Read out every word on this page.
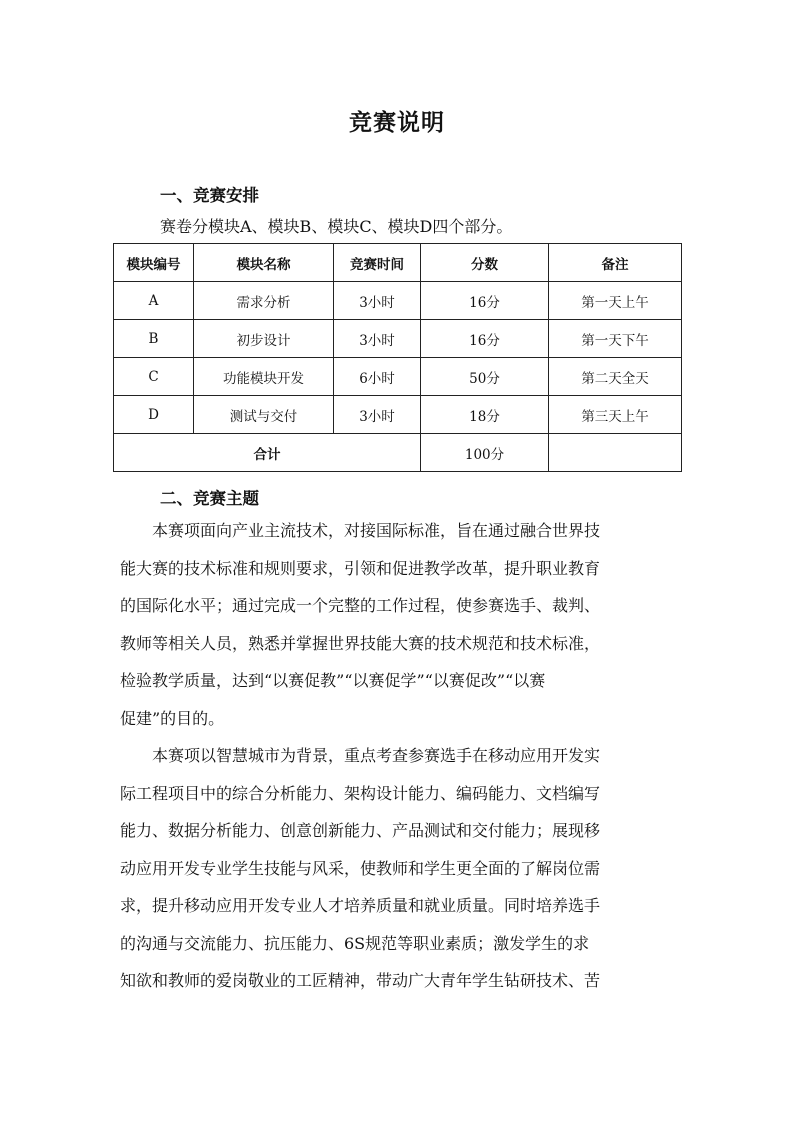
竞赛说明
一、竞赛安排
赛卷分模块A、模块B、模块C、模块D四个部分。
模块编号	模块名称	竞赛时间	分数	备注
A	需求分析	3小时	16分	第一天上午
B	初步设计	3小时	16分	第一天下午
C	功能模块开发	6小时	50分	第二天全天
D	测试与交付	3小时	18分	第三天上午
合计			100分	
二、竞赛主题
本赛项面向产业主流技术，对接国际标准，旨在通过融合世界技
能大赛的技术标准和规则要求，引领和促进教学改革，提升职业教育
的国际化水平；通过完成一个完整的工作过程，使参赛选手、裁判、
教师等相关人员，熟悉并掌握世界技能大赛的技术规范和技术标准，
检验教学质量，达到“以赛促教”“以赛促学”“以赛促改”“以赛
促建”的目的。
本赛项以智慧城市为背景，重点考查参赛选手在移动应用开发实
际工程项目中的综合分析能力、架构设计能力、编码能力、文档编写
能力、数据分析能力、创意创新能力、产品测试和交付能力；展现移
动应用开发专业学生技能与风采，使教师和学生更全面的了解岗位需
求，提升移动应用开发专业人才培养质量和就业质量。同时培养选手
的沟通与交流能力、抗压能力、6S规范等职业素质；激发学生的求
知欲和教师的爱岗敬业的工匠精神，带动广大青年学生钻研技术、苦
